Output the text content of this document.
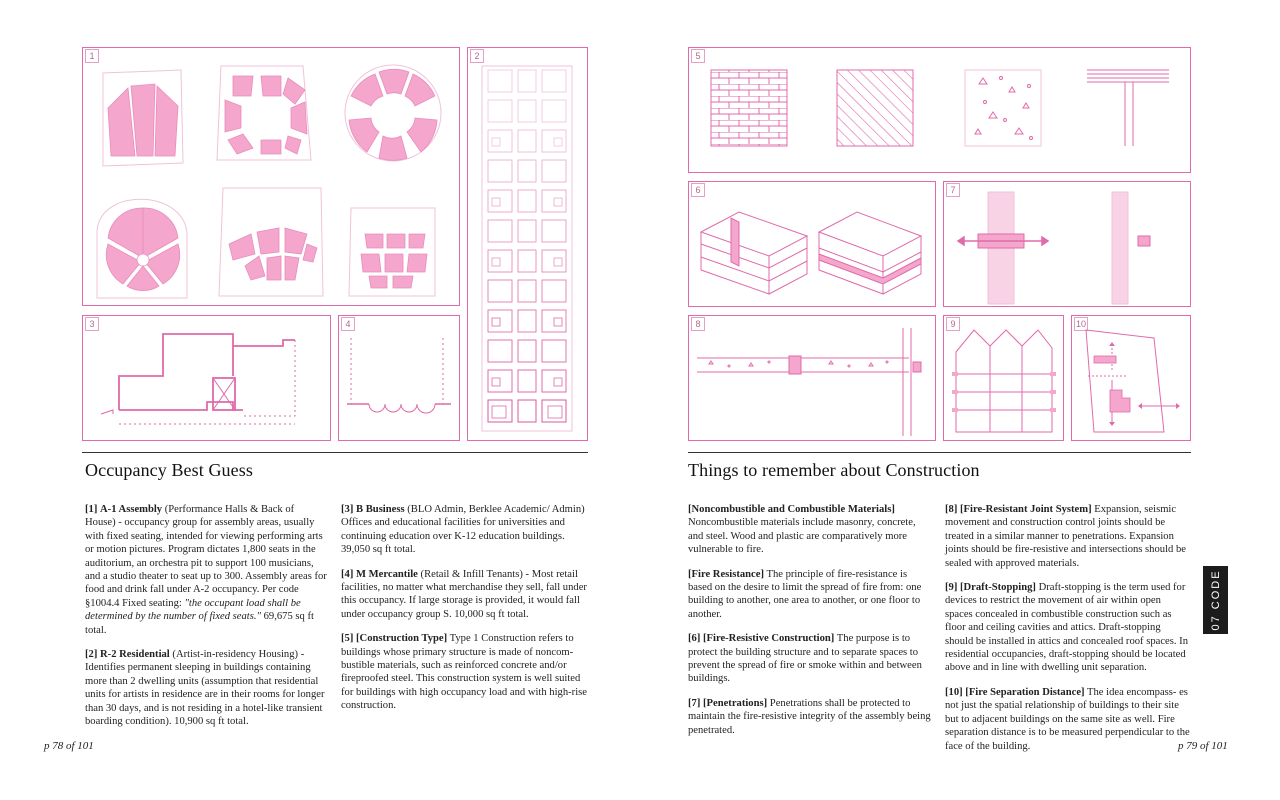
1	2
3	4
5
6	7
8	9	10
Occupancy Best Guess

[1] A-1 Assembly (Performance Halls & Back of House) - occupancy group for assembly areas, usually with fixed seating, intended for viewing performing arts or motion pictures. Program dictates 1,800 seats in the auditorium, an orchestra pit to support 100 musicians, and a studio theater to seat up to 300. Assembly areas for food and drink fall under A-2 occupancy. Per code §1004.4 Fixed seating: "the occupant load shall be determined by the number of fixed seats." 69,675 sq ft total.

[2] R-2 Residential (Artist-in-residency Housing) - Identifies permanent sleeping in buildings containing more than 2 dwelling units (assumption that residential units for artists in residence are in their rooms for longer than 30 days, and is not residing in a hotel-like transient boarding condition). 10,900 sq ft total.

[3] B Business (BLO Admin, Berklee Academic/ Admin) Offices and educational facilities for universities and continuing education over K-12 education buildings. 39,050 sq ft total.

[4] M Mercantile (Retail & Infill Tenants) - Most retail facilities, no matter what merchandise they sell, fall under this occupancy. If large storage is provided, it would fall under occupancy group S. 10,000 sq ft total.

[5] [Construction Type] Type 1 Construction refers to buildings whose primary structure is made of noncom- bustible materials, such as reinforced concrete and/or fireproofed steel. This construction system is well suited for buildings with high occupancy load and with high-rise construction.

p 78 of 101
Things to remember about Construction

[Noncombustible and Combustible Materials] Noncombustible materials include masonry, concrete, and steel. Wood and plastic are comparatively more vulnerable to fire.

[Fire Resistance] The principle of fire-resistance is based on the desire to limit the spread of fire from: one building to another, one area to another, or one floor to another.

[6] [Fire-Resistive Construction] The purpose is to protect the building structure and to separate spaces to prevent the spread of fire or smoke within and between buildings.

[7] [Penetrations] Penetrations shall be protected to maintain the fire-resistive integrity of the assembly being penetrated.

[8] [Fire-Resistant Joint System] Expansion, seismic movement and construction control joints should be treated in a similar manner to penetrations. Expansion joints should be fire-resistive and intersections should be sealed with approved materials.

[9] [Draft-Stopping] Draft-stopping is the term used for devices to restrict the movement of air within open spaces concealed in combustible construction such as floor and ceiling cavities and attics. Draft-stopping should be installed in attics and concealed roof spaces. In residential occupancies, draft-stopping should be located above and in line with dwelling unit separation.

[10] [Fire Separation Distance] The idea encompass- es not just the spatial relationship of buildings to their site but to adjacent buildings on the same site as well. Fire separation distance is to be measured perpendicular to the face of the building.

07 CODE
p 79 of 101
